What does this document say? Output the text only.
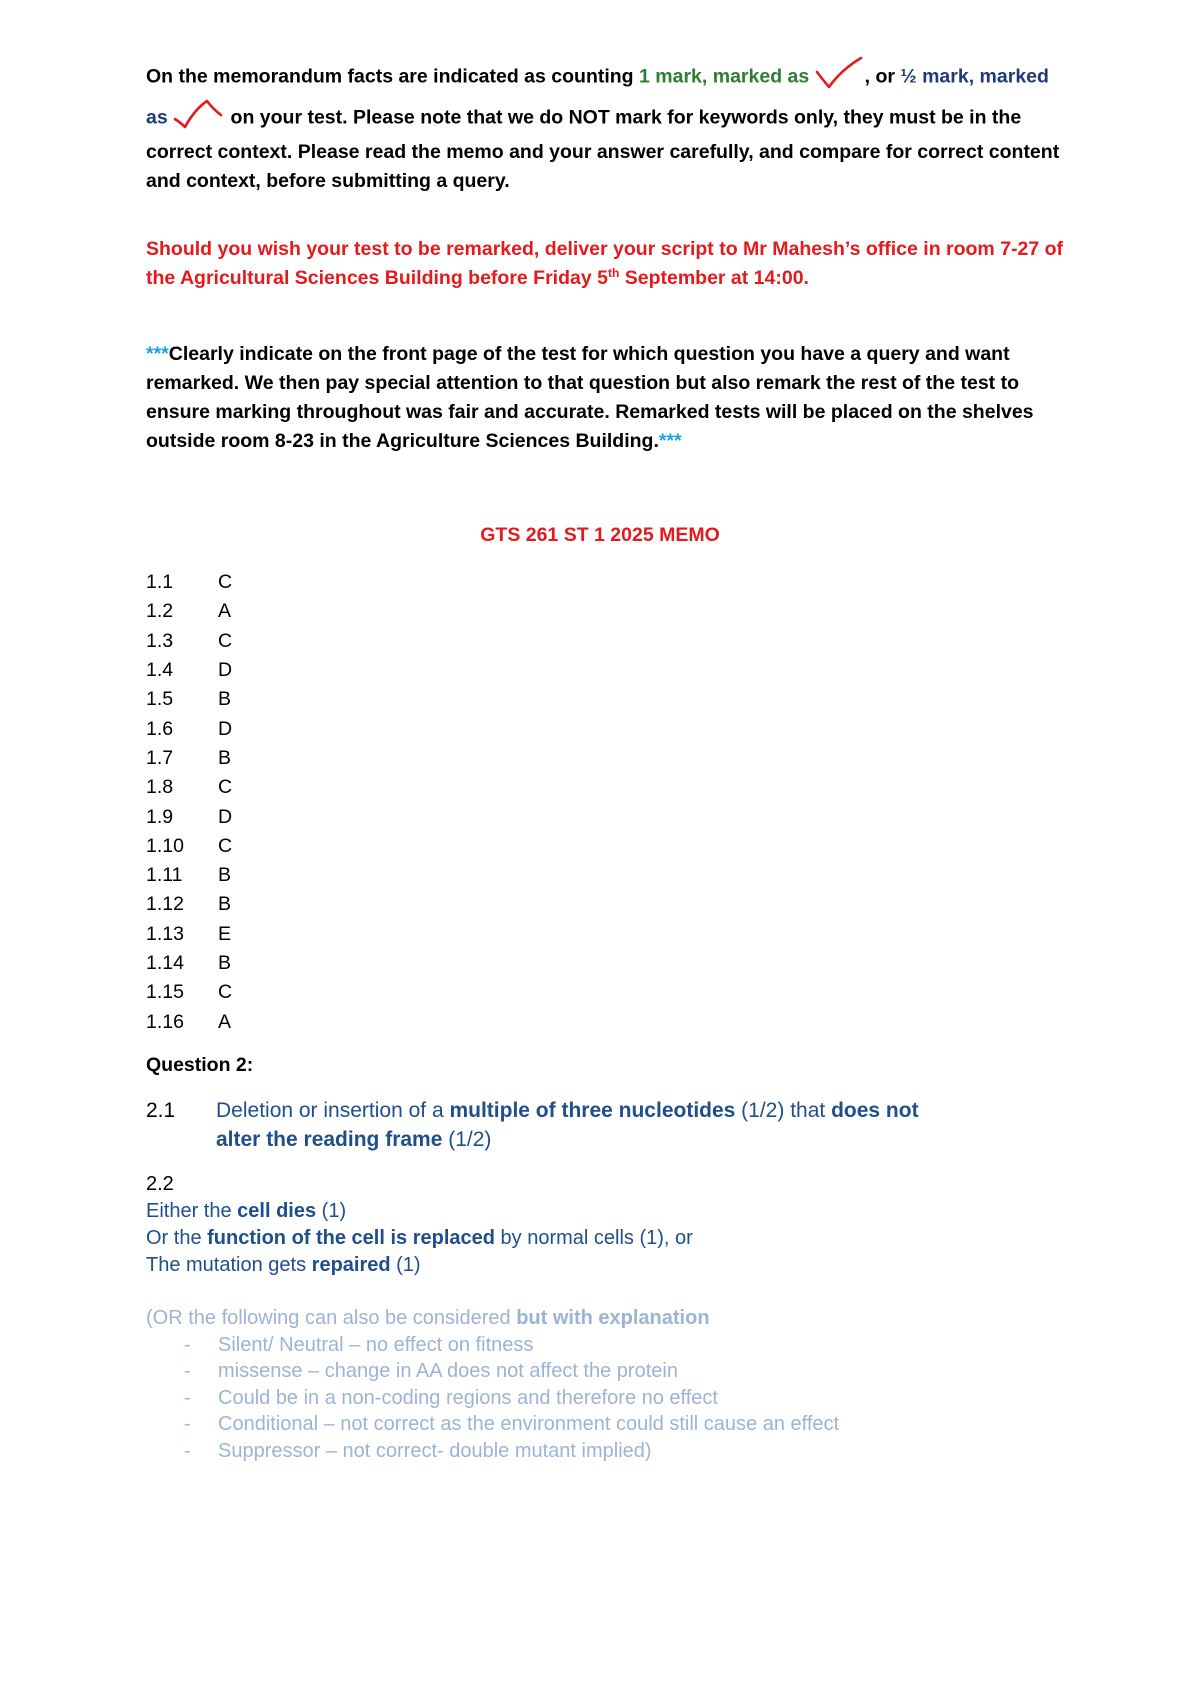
On the memorandum facts are indicated as counting 1 mark, marked as	, or ½ mark, marked as	on your test. Please note that we do NOT mark for keywords only, they must be in the correct context. Please read the memo and your answer carefully, and compare for correct content and context, before submitting a query.
Should you wish your test to be remarked, deliver your script to Mr Mahesh’s office in room 7-27 of the Agricultural Sciences Building before Friday 5th September at 14:00.
***Clearly indicate on the front page of the test for which question you have a query and want remarked. We then pay special attention to that question but also remark the rest of the test to ensure marking throughout was fair and accurate. Remarked tests will be placed on the shelves outside room 8-23 in the Agriculture Sciences Building.***
GTS 261 ST 1 2025 MEMO
1.1	C
1.2	A
1.3	C
1.4	D
1.5	B
1.6	D
1.7	B
1.8	C
1.9	D
1.10	C
1.11	B
1.12	B
1.13	E
1.14	B
1.15	C
1.16	A
Question 2:
2.1	Deletion or insertion of a multiple of three nucleotides (1/2) that does not alter the reading frame (1/2)
2.2
Either the cell dies (1)
Or the function of the cell is replaced by normal cells (1), or
The mutation gets repaired (1)
(OR the following can also be considered but with explanation
-	Silent/ Neutral – no effect on fitness
-	missense – change in AA does not affect the protein
-	Could be in a non-coding regions and therefore no effect
-	Conditional – not correct as the environment could still cause an effect
-	Suppressor – not correct- double mutant implied)
